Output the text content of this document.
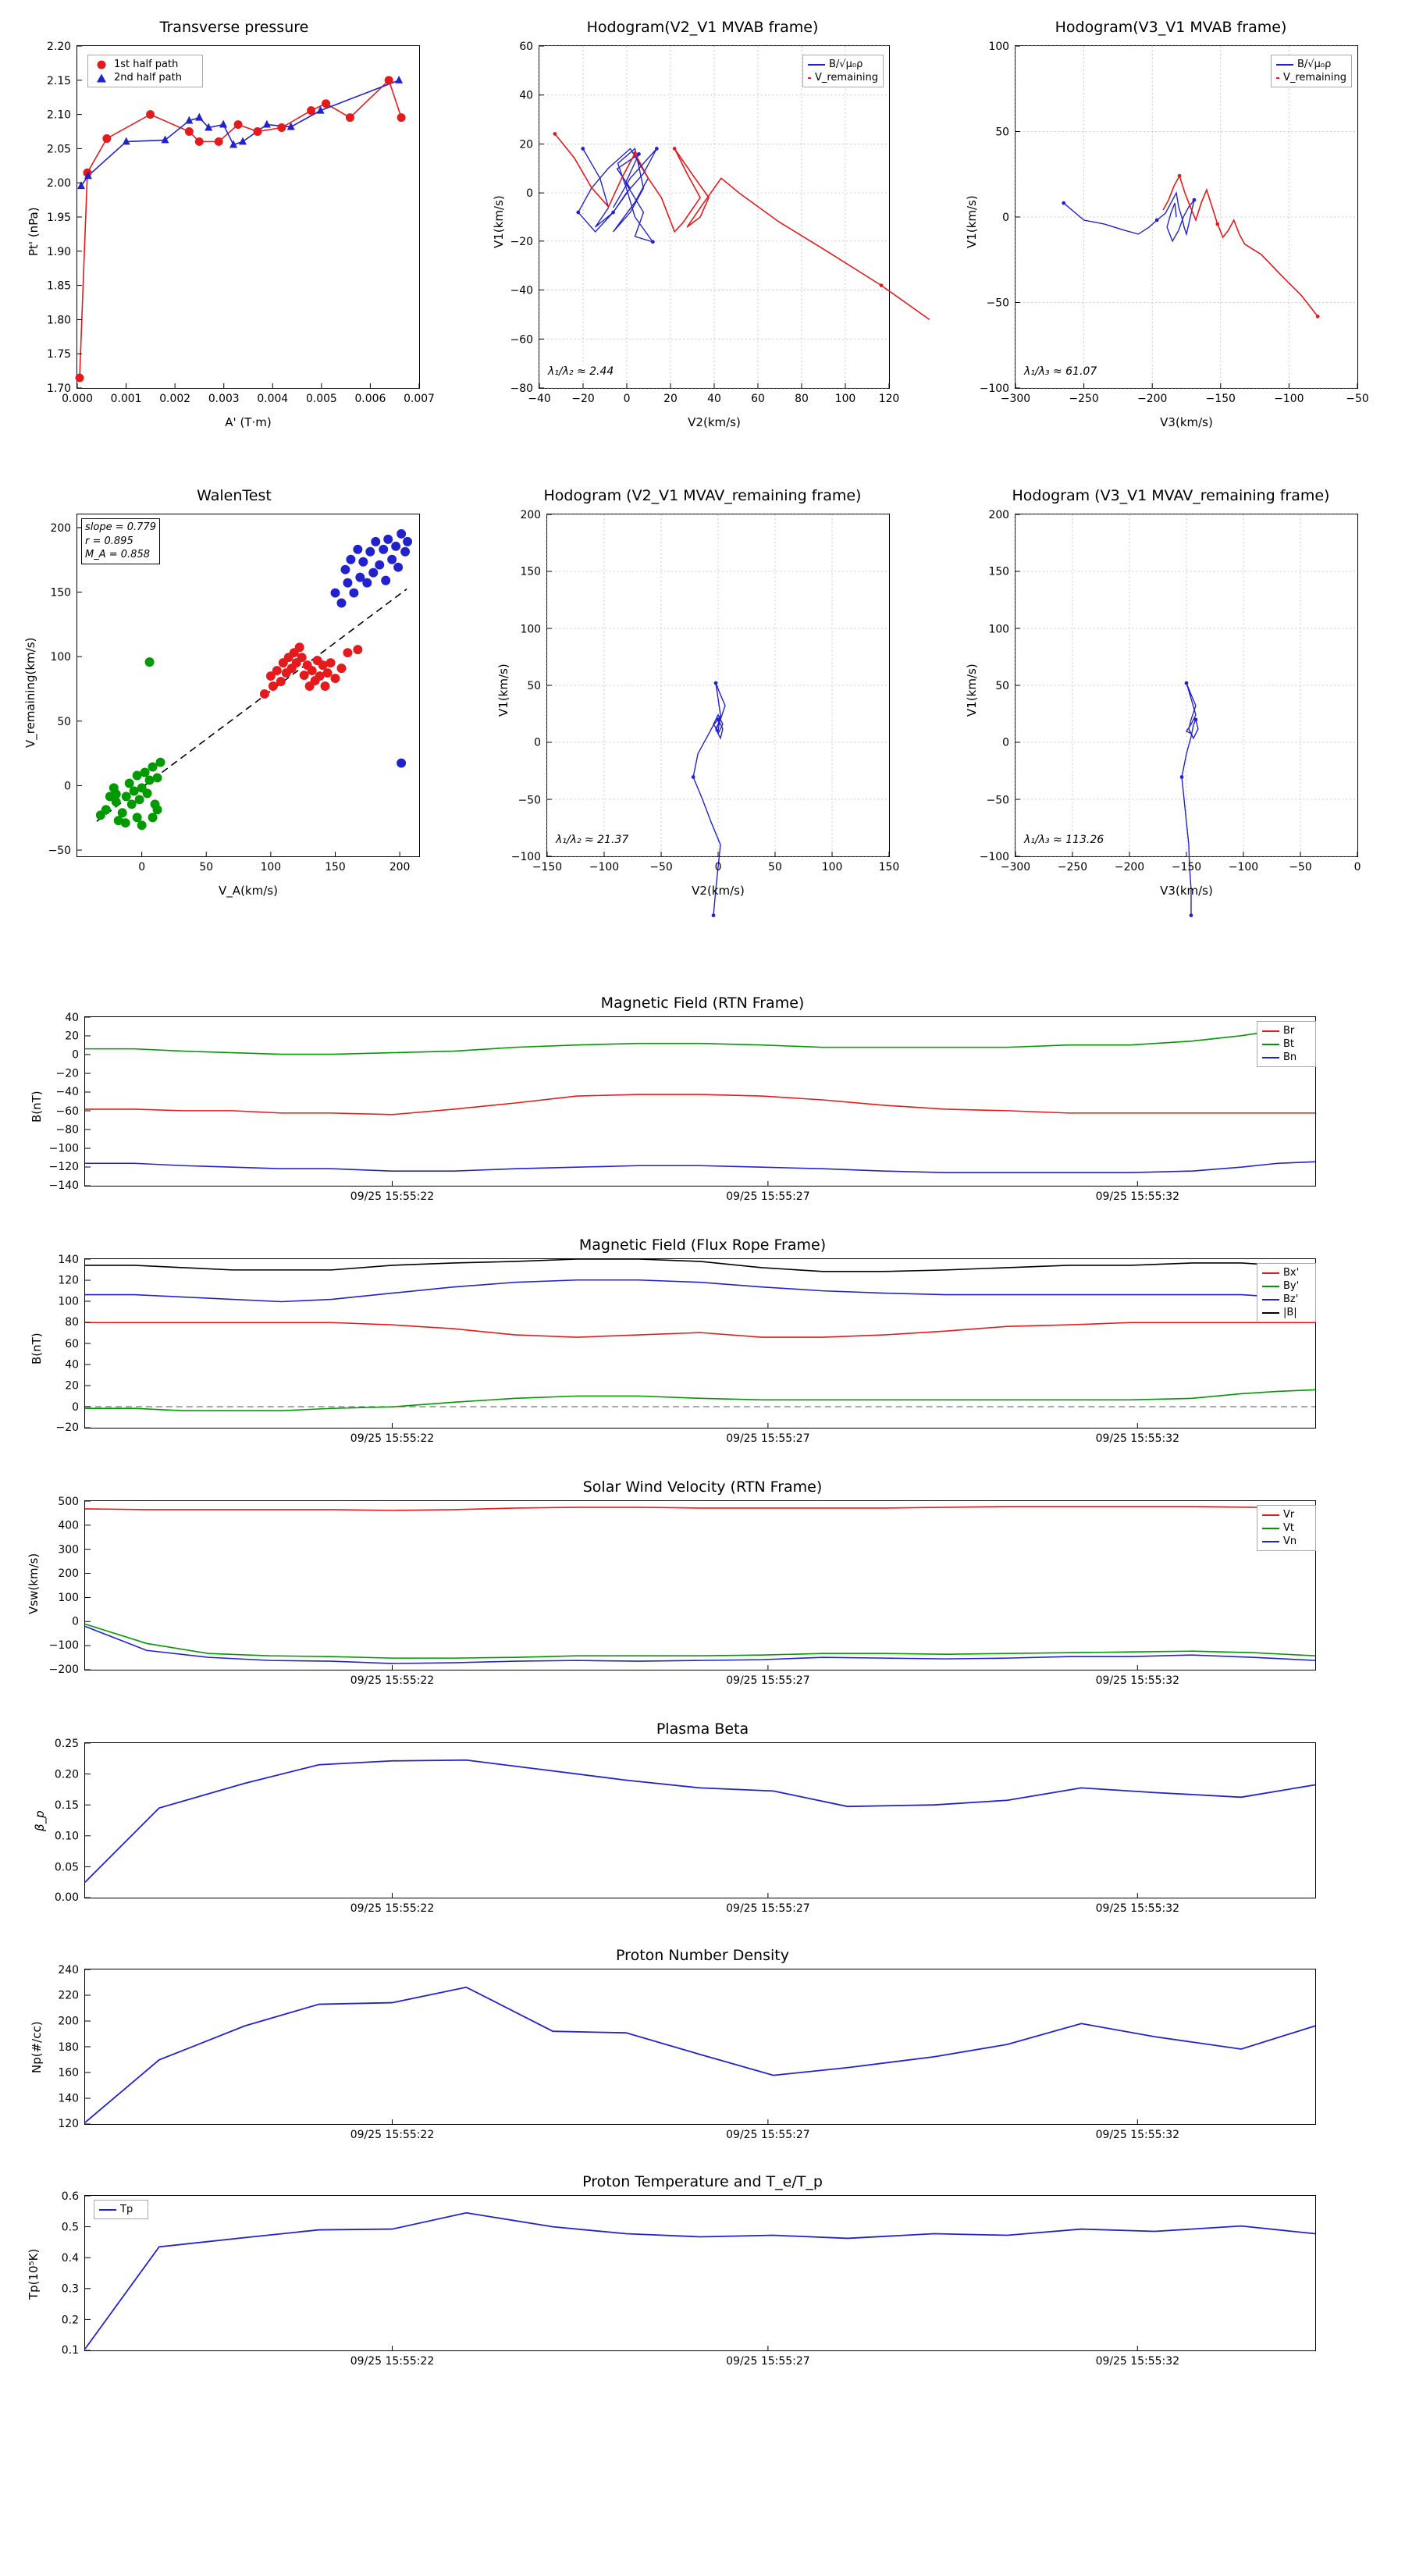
Transverse pressure
0.000 0.001 0.002 0.003 0.004 0.005 0.006 0.007
1.70
1.75
1.80
1.85
1.90
1.95
2.00
2.05
2.10
2.15
2.20
1st half path
2nd half path
A' (T·m)
Pt' (nPa)
Hodogram(V2_V1 MVAB frame)
−40 −20	0	20	40	60	80 100 120
−80
−60
−40
−20
0
20
40
60
B/√μ₀ρ
V_remaining
λ₁/λ₂ ≈ 2.44
V2(km/s)
V1(km/s)
Hodogram(V3_V1 MVAB frame)
−300	−250	−200	−150	−100	−50
−100
−50
0
50
100
B/√μ₀ρ
V_remaining
λ₁/λ₃ ≈ 61.07
V3(km/s)
V1(km/s)
WalenTest
0	50	100	150	200
−50
0
50
100
150
200 slope = 0.779
r = 0.895
M_A = 0.858
V_A(km/s)
V_remaining(km/s)
Hodogram (V2_V1 MVAV_remaining frame)
−150 −100	−50	0	50	100	150
−100
−50
0
50
100
150
200
λ₁/λ₂ ≈ 21.37
V2(km/s)
V1(km/s)
Hodogram (V3_V1 MVAV_remaining frame)
−300 −250 −200 −150 −100	−50	0
−100
−50
0
50
100
150
200
λ₁/λ₃ ≈ 113.26
V3(km/s)
V1(km/s)
Magnetic Field (RTN Frame)
09/25 15:55:22	09/25 15:55:27	09/25 15:55:32
−140
−120
−100
−80
−60
−40
−20
0
20
40
Br
Bt
Bn
B(nT)
Magnetic Field (Flux Rope Frame)
09/25 15:55:22	09/25 15:55:27	09/25 15:55:32
−20
0
20
40
60
80
100
120
140
Bx'
By'
Bz'
|B|
B(nT)
Solar Wind Velocity (RTN Frame)
09/25 15:55:22	09/25 15:55:27	09/25 15:55:32
−200
−100
0
100
200
300
400
500
Vr
Vt
Vn
Vsw(km/s)
Plasma Beta
09/25 15:55:22	09/25 15:55:27	09/25 15:55:32
0.00
0.05
0.10
0.15
0.20
0.25
β_p
Proton Number Density
09/25 15:55:22	09/25 15:55:27	09/25 15:55:32
120
140
160
180
200
220
240
Np(#/cc)
Proton Temperature and T_e/T_p
09/25 15:55:22	09/25 15:55:27	09/25 15:55:32
0.1
0.2
0.3
0.4
0.5
0.6
Tp
Tp(10⁵K)
